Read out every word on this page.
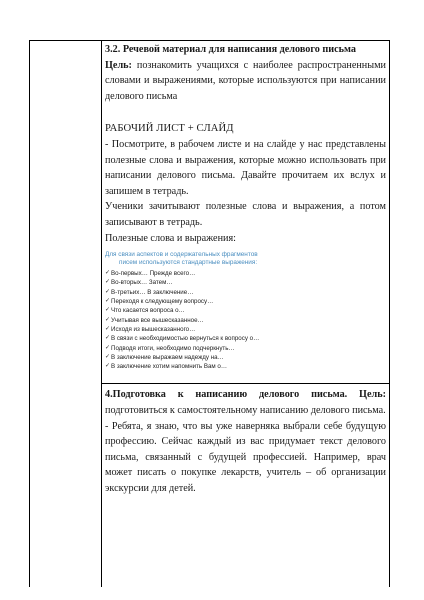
3.2. Речевой материал для написания делового письма

Цель: познакомить учащихся с наиболее распространенными словами и выражениями, которые используются при написании делового письма

РАБОЧИЙ ЛИСТ + СЛАЙД

- Посмотрите, в рабочем листе и на слайде у нас представлены полезные слова и выражения, которые можно использовать при написании делового письма. Давайте прочитаем их вслух и запишем в тетрадь.

Ученики зачитывают полезные слова и выражения, а потом записывают в тетрадь.

Полезные слова и выражения:

Для связи аспектов и содержательных фрагментов
писем используются стандартные выражения:
✓ Во-первых… Прежде всего…
✓ Во-вторых… Затем…
✓ В-третьих… В заключение…
✓ Переходя к следующему вопросу…
✓ Что касается вопроса о…
✓ Учитывая все вышесказанное…
✓ Исходя из вышесказанного…
✓ В связи с необходимостью вернуться к вопросу о…
✓ Подводя итоги, необходимо подчеркнуть…
✓ В заключение выражаем надежду на…
✓ В заключение хотим напомнить Вам о…

4.Подготовка к написанию делового письма. Цель: подготовиться к самостоятельному написанию делового письма.

- Ребята, я знаю, что вы уже наверняка выбрали себе будущую профессию. Сейчас каждый из вас придумает текст делового письма, связанный с будущей профессией. Например, врач может писать о покупке лекарств, учитель – об организации экскурсии для детей.
